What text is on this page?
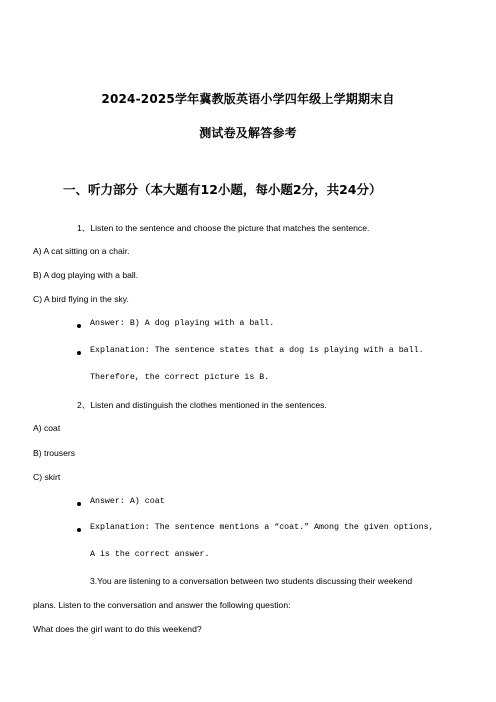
2024-2025学年冀教版英语小学四年级上学期期末自
测试卷及解答参考
一、听力部分（本大题有12小题，每小题2分，共24分）
1、Listen to the sentence and choose the picture that matches the sentence.
A) A cat sitting on a chair.
B) A dog playing with a ball.
C) A bird flying in the sky.
Answer: B) A dog playing with a ball.
Explanation: The sentence states that a dog is playing with a ball.
Therefore, the correct picture is B.
2、Listen and distinguish the clothes mentioned in the sentences.
A) coat
B) trousers
C) skirt
Answer: A) coat
Explanation: The sentence mentions a “coat.” Among the given options,
A is the correct answer.
3.You are listening to a conversation between two students discussing their weekend
plans. Listen to the conversation and answer the following question:
What does the girl want to do this weekend?
